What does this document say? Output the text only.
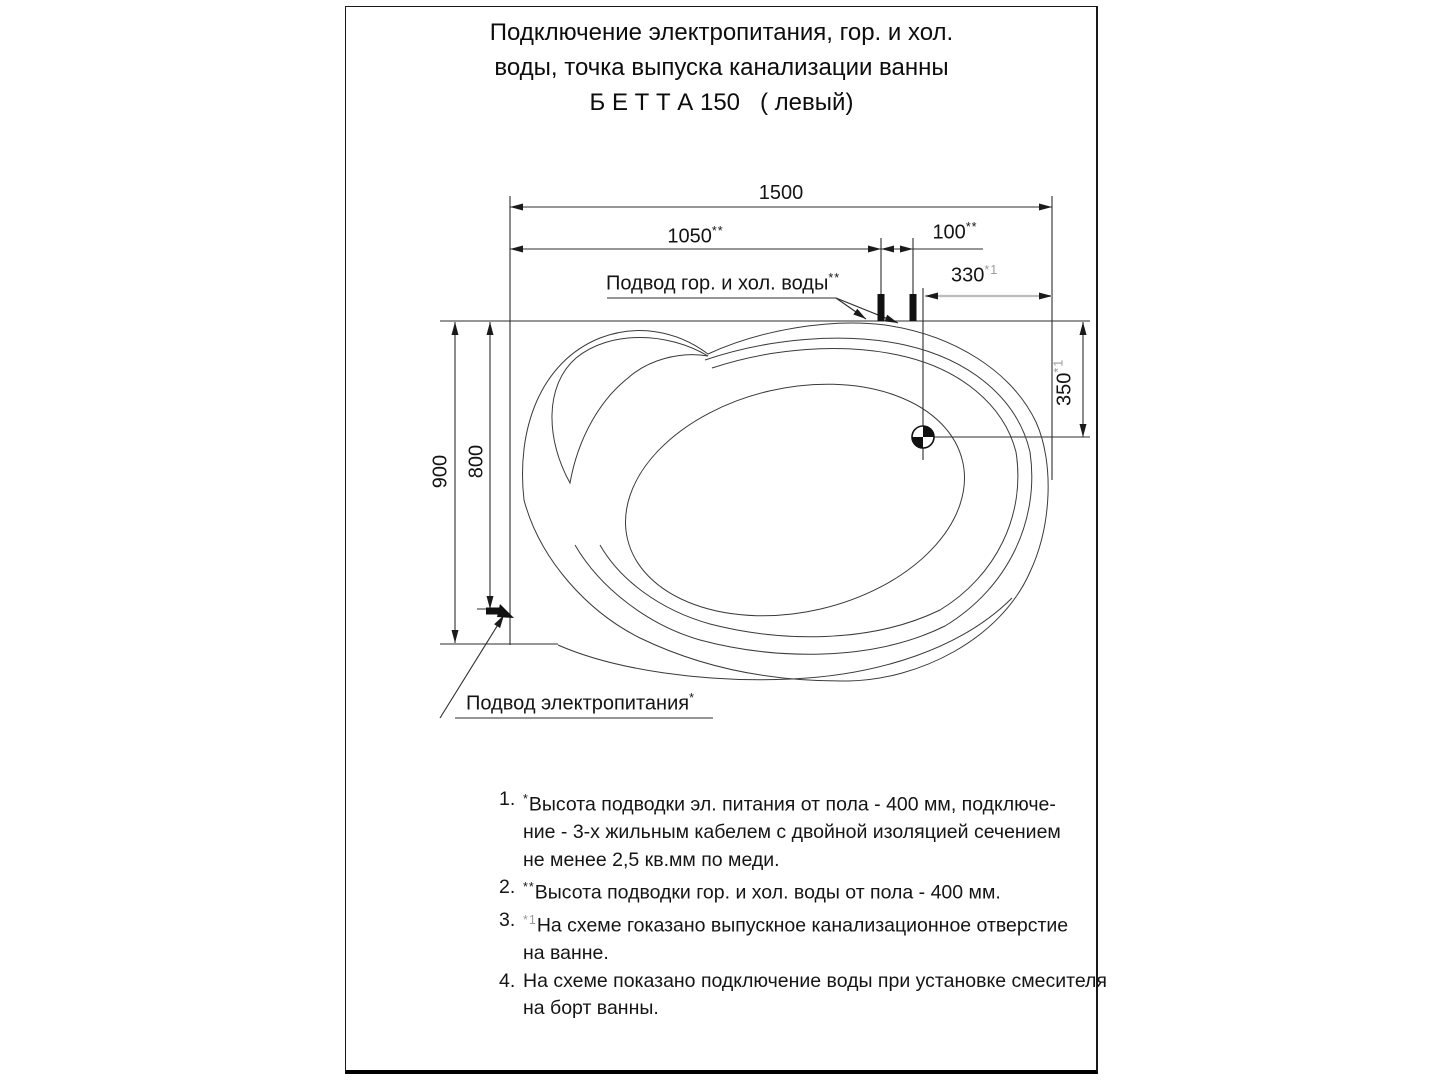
Подключение электропитания, гор. и хол.
воды, точка выпуска канализации ванны
Б Е Т Т А 150   ( левый)
1500
1050**	100**
330$^{*1}$
350$^{*1}$
900 800
Подвод гор. и хол. воды**
Подвод электропитания*
1. *Высота подводки эл. питания от пола - 400 мм, подключе-
ние - 3-х жильным кабелем с двойной изоляцией сечением
не менее 2,5 кв.мм по меди.
2. **Высота подводки гор. и хол. воды от пола - 400 мм.
3. $^{*1}$На схеме гоказано выпускное канализационное отверстие
на ванне.
4. На схеме показано подключение воды при установке смесителя
на борт ванны.
